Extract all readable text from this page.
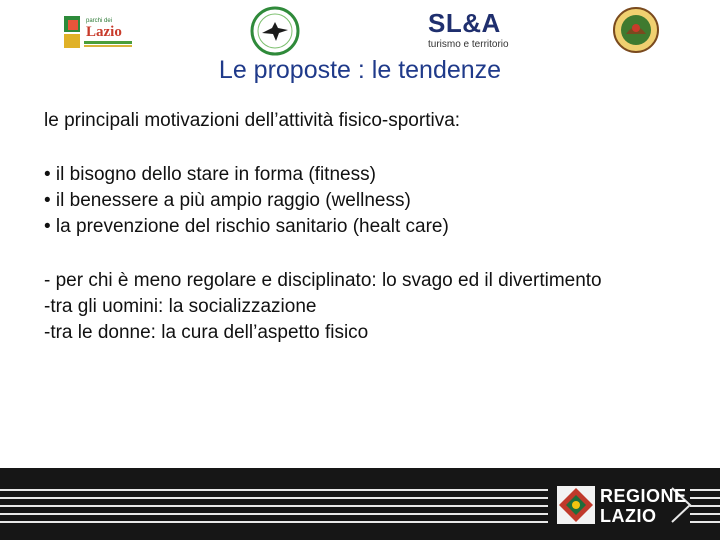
parchi dei
Lazio	SL&A
turismo e territorio
Le proposte : le tendenze

le principali motivazioni dell’attività fisico-sportiva:

• il bisogno dello stare in forma (fitness)

• il benessere a più ampio raggio (wellness)

• la prevenzione del rischio sanitario (healt care)

- per chi è meno regolare e disciplinato: lo svago ed il divertimento

-tra gli uomini: la socializzazione

-tra le donne: la cura dell’aspetto fisico

REGIONE
LAZIO
